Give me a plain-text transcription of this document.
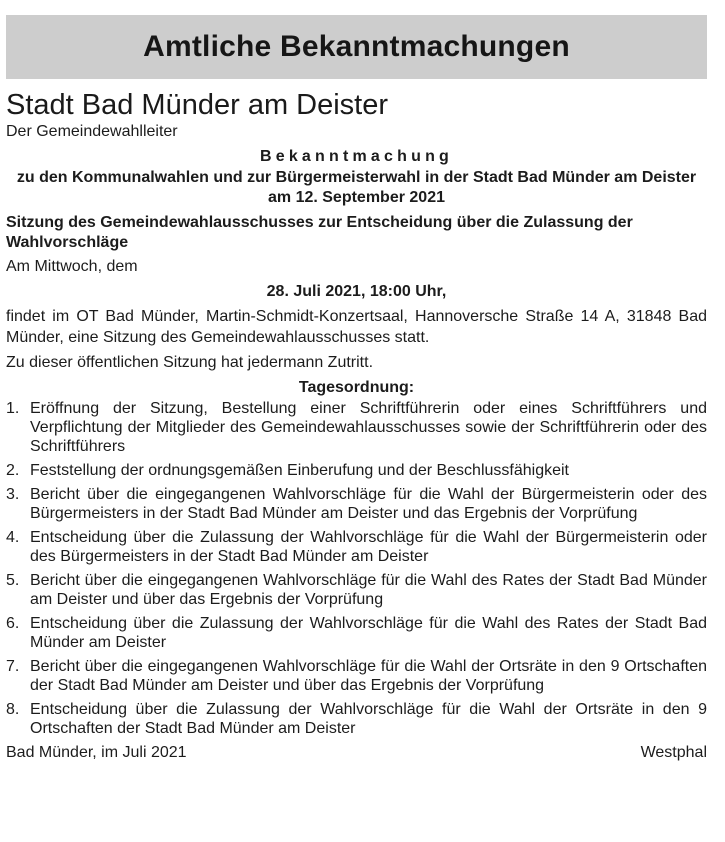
Amtliche Bekanntmachungen
Stadt Bad Münder am Deister
Der Gemeindewahlleiter
Bekanntmachung
zu den Kommunalwahlen und zur Bürgermeisterwahl in der Stadt Bad Münder am Deister am 12. September 2021
Sitzung des Gemeindewahlausschusses zur Entscheidung über die Zulassung der Wahlvorschläge
Am Mittwoch, dem
28. Juli 2021, 18:00 Uhr,
findet im OT Bad Münder, Martin-Schmidt-Konzertsaal, Hannoversche Straße 14 A, 31848 Bad Münder, eine Sitzung des Gemeindewahlausschusses statt.
Zu dieser öffentlichen Sitzung hat jedermann Zutritt.
Tagesordnung:
1. Eröffnung der Sitzung, Bestellung einer Schriftführerin oder eines Schriftführers und Verpflichtung der Mitglieder des Gemeindewahlausschusses sowie der Schriftführerin oder des Schriftführers
2. Feststellung der ordnungsgemäßen Einberufung und der Beschlussfähigkeit
3. Bericht über die eingegangenen Wahlvorschläge für die Wahl der Bürgermeisterin oder des Bürgermeisters in der Stadt Bad Münder am Deister und das Ergebnis der Vorprüfung
4. Entscheidung über die Zulassung der Wahlvorschläge für die Wahl der Bürgermeisterin oder des Bürgermeisters in der Stadt Bad Münder am Deister
5. Bericht über die eingegangenen Wahlvorschläge für die Wahl des Rates der Stadt Bad Münder am Deister und über das Ergebnis der Vorprüfung
6. Entscheidung über die Zulassung der Wahlvorschläge für die Wahl des Rates der Stadt Bad Münder am Deister
7. Bericht über die eingegangenen Wahlvorschläge für die Wahl der Ortsräte in den 9 Ortschaften der Stadt Bad Münder am Deister und über das Ergebnis der Vorprüfung
8. Entscheidung über die Zulassung der Wahlvorschläge für die Wahl der Ortsräte in den 9 Ortschaften der Stadt Bad Münder am Deister
Bad Münder, im Juli 2021	Westphal
